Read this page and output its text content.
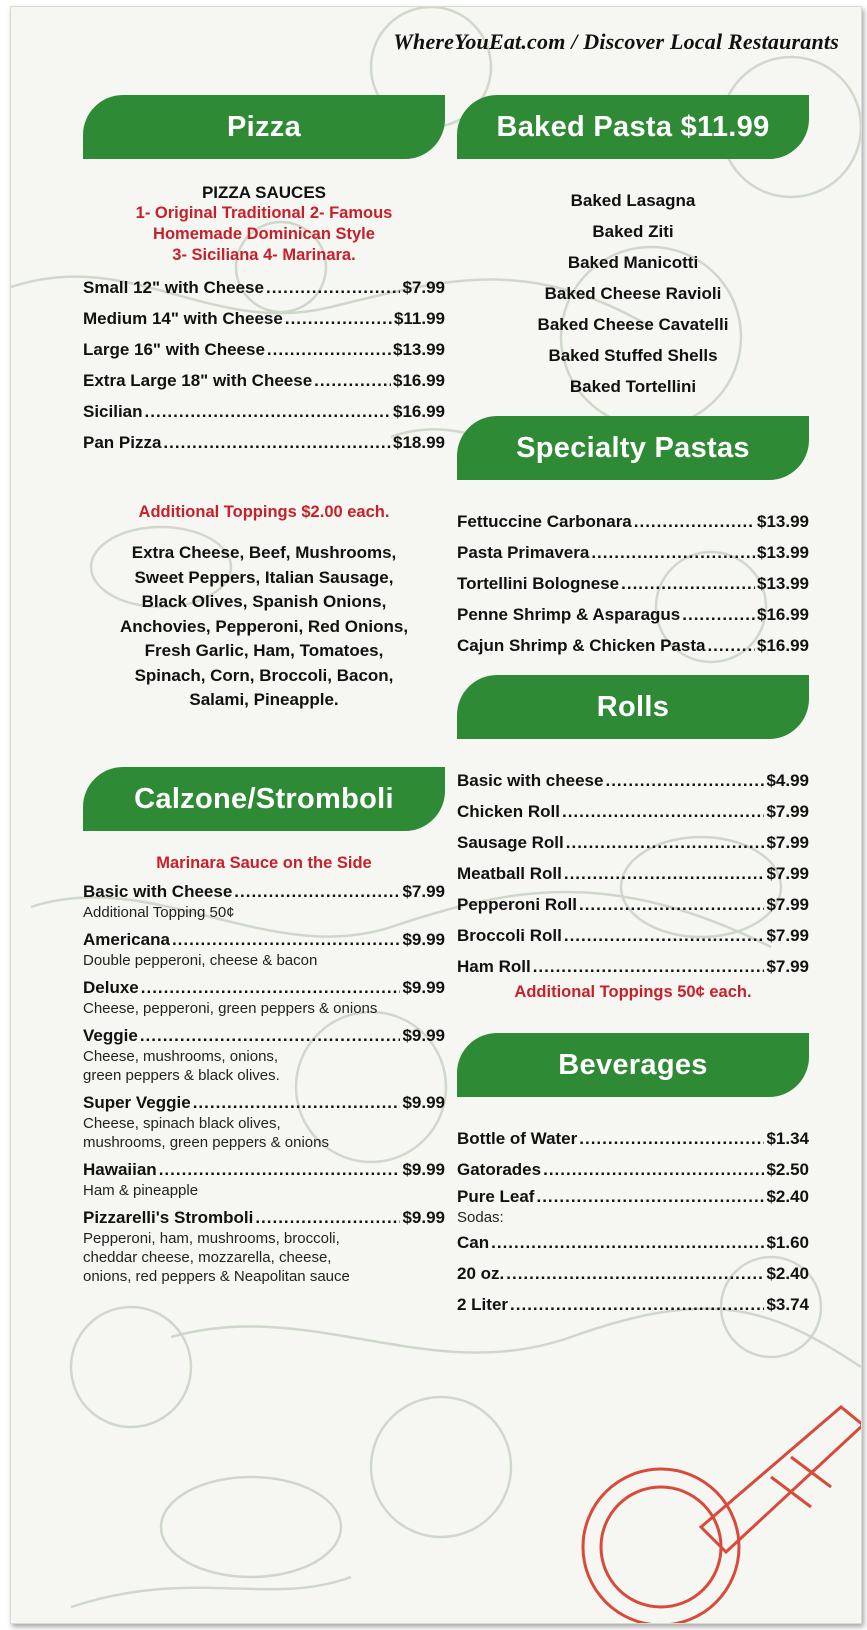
WhereYouEat.com / Discover Local Restaurants
Pizza
PIZZA SAUCES
1- Original Traditional 2- Famous
Homemade Dominican Style
3- Siciliana 4- Marinara.
Small 12" with Cheese .....	$7.99
Medium 14" with Cheese .....	$11.99
Large 16" with Cheese .....	$13.99
Extra Large 18" with Cheese .....	$16.99
Sicilian .....	$16.99
Pan Pizza .....	$18.99
Additional Toppings $2.00 each.
Extra Cheese, Beef, Mushrooms,
Sweet Peppers, Italian Sausage,
Black Olives, Spanish Onions,
Anchovies, Pepperoni, Red Onions,
Fresh Garlic, Ham, Tomatoes,
Spinach, Corn, Broccoli, Bacon,
Salami, Pineapple.
Calzone/Stromboli
Marinara Sauce on the Side
Basic with Cheese .....	$7.99
Additional Topping 50¢
Americana .....	$9.99
Double pepperoni, cheese & bacon
Deluxe .....	$9.99
Cheese, pepperoni, green peppers & onions
Veggie .....	$9.99
Cheese, mushrooms, onions,
green peppers & black olives.
Super Veggie .....	$9.99
Cheese, spinach black olives,
mushrooms, green peppers & onions
Hawaiian .....	$9.99
Ham & pineapple
Pizzarelli's Stromboli .....	$9.99
Pepperoni, ham, mushrooms, broccoli,
cheddar cheese, mozzarella, cheese,
onions, red peppers & Neapolitan sauce
Baked Pasta $11.99
Baked Lasagna
Baked Ziti
Baked Manicotti
Baked Cheese Ravioli
Baked Cheese Cavatelli
Baked Stuffed Shells
Baked Tortellini
Specialty Pastas
Fettuccine Carbonara .....	$13.99
Pasta Primavera .....	$13.99
Tortellini Bolognese .....	$13.99
Penne Shrimp & Asparagus .....	$16.99
Cajun Shrimp & Chicken Pasta .....	$16.99
Rolls
Basic with cheese .....	$4.99
Chicken Roll .....	$7.99
Sausage Roll .....	$7.99
Meatball Roll .....	$7.99
Pepperoni Roll .....	$7.99
Broccoli Roll .....	$7.99
Ham Roll .....	$7.99
Additional Toppings 50¢ each.
Beverages
Bottle of Water .....	$1.34
Gatorades .....	$2.50
Pure Leaf .....	$2.40
Sodas:
Can .....	$1.60
20 oz. .....	$2.40
2 Liter .....	$3.74
